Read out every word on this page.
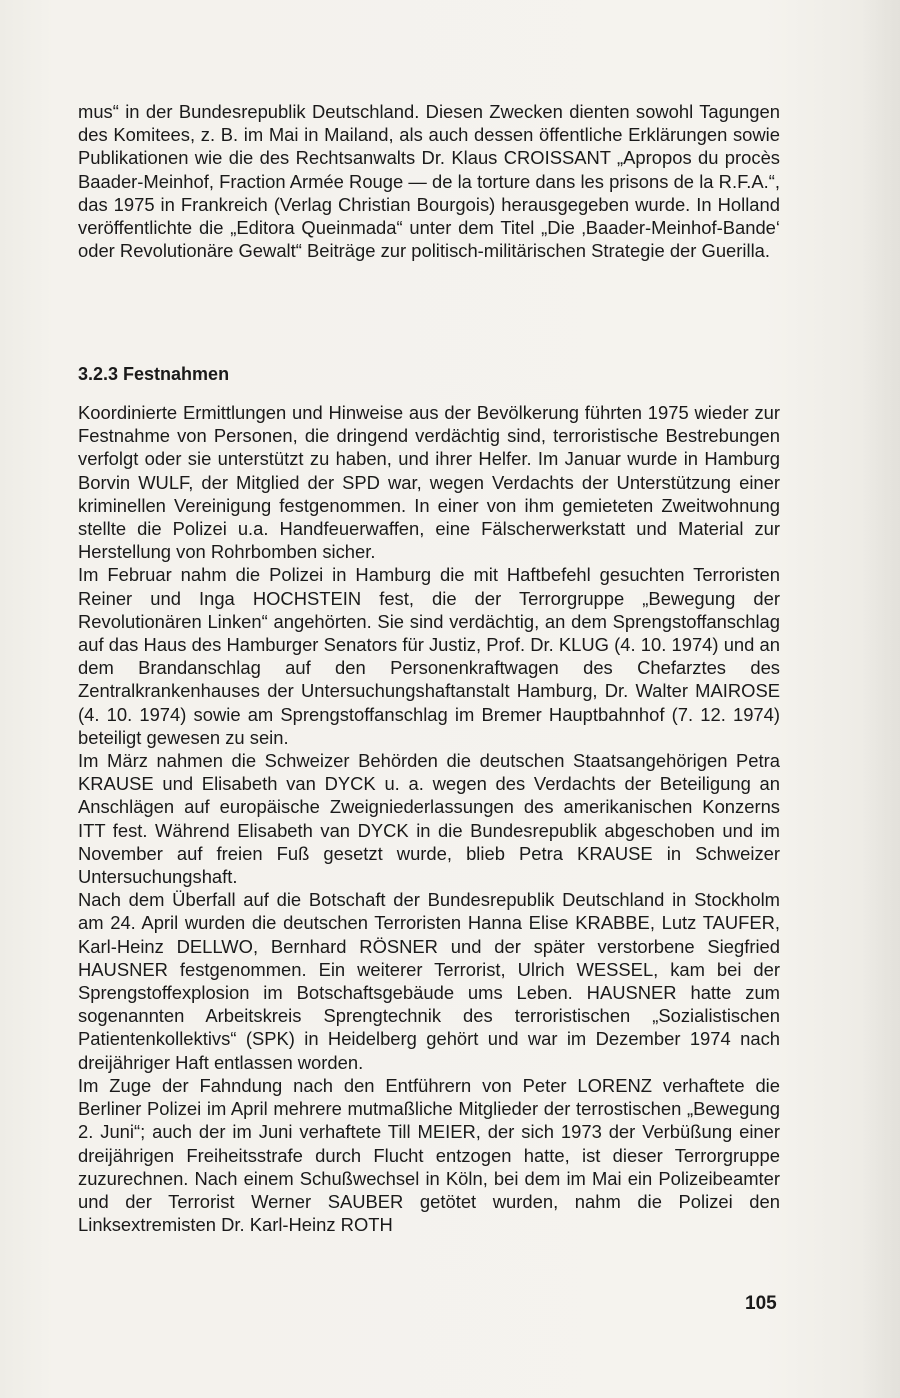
mus“ in der Bundesrepublik Deutschland. Diesen Zwecken dienten sowohl Tagungen des Komitees, z. B. im Mai in Mailand, als auch dessen öffentliche Erklärungen sowie Publikationen wie die des Rechtsanwalts Dr. Klaus CROISSANT „Apropos du procès Baader-Meinhof, Fraction Armée Rouge — de la torture dans les prisons de la R.F.A.“, das 1975 in Frankreich (Verlag Christian Bourgois) herausgegeben wurde. In Holland veröffentlichte die „Editora Queinmada“ unter dem Titel „Die ‚Baader-Meinhof-Bande‘ oder Revolutionäre Gewalt“ Beiträge zur politisch-militärischen Strategie der Guerilla.

3.2.3 Festnahmen

Koordinierte Ermittlungen und Hinweise aus der Bevölkerung führten 1975 wieder zur Festnahme von Personen, die dringend verdächtig sind, terroristische Bestrebungen verfolgt oder sie unterstützt zu haben, und ihrer Helfer. Im Januar wurde in Hamburg Borvin WULF, der Mitglied der SPD war, wegen Verdachts der Unterstützung einer kriminellen Vereinigung festgenommen. In einer von ihm gemieteten Zweitwohnung stellte die Polizei u.a. Handfeuerwaffen, eine Fälscherwerkstatt und Material zur Herstellung von Rohrbomben sicher.

Im Februar nahm die Polizei in Hamburg die mit Haftbefehl gesuchten Terroristen Reiner und Inga HOCHSTEIN fest, die der Terrorgruppe „Bewegung der Revolutionären Linken“ angehörten. Sie sind verdächtig, an dem Sprengstoffanschlag auf das Haus des Hamburger Senators für Justiz, Prof. Dr. KLUG (4. 10. 1974) und an dem Brandanschlag auf den Personenkraftwagen des Chefarztes des Zentralkrankenhauses der Untersuchungshaftanstalt Hamburg, Dr. Walter MAIROSE (4. 10. 1974) sowie am Sprengstoffanschlag im Bremer Hauptbahnhof (7. 12. 1974) beteiligt gewesen zu sein.

Im März nahmen die Schweizer Behörden die deutschen Staatsangehörigen Petra KRAUSE und Elisabeth van DYCK u. a. wegen des Verdachts der Beteiligung an Anschlägen auf europäische Zweigniederlassungen des amerikanischen Konzerns ITT fest. Während Elisabeth van DYCK in die Bundesrepublik abgeschoben und im November auf freien Fuß gesetzt wurde, blieb Petra KRAUSE in Schweizer Untersuchungshaft.

Nach dem Überfall auf die Botschaft der Bundesrepublik Deutschland in Stockholm am 24. April wurden die deutschen Terroristen Hanna Elise KRABBE, Lutz TAUFER, Karl-Heinz DELLWO, Bernhard RÖSNER und der später verstorbene Siegfried HAUSNER festgenommen. Ein weiterer Terrorist, Ulrich WESSEL, kam bei der Sprengstoffexplosion im Botschaftsgebäude ums Leben. HAUSNER hatte zum sogenannten Arbeitskreis Sprengtechnik des terroristischen „Sozialistischen Patientenkollektivs“ (SPK) in Heidelberg gehört und war im Dezember 1974 nach dreijähriger Haft entlassen worden.

Im Zuge der Fahndung nach den Entführern von Peter LORENZ verhaftete die Berliner Polizei im April mehrere mutmaßliche Mitglieder der terrostischen „Bewegung 2. Juni“; auch der im Juni verhaftete Till MEIER, der sich 1973 der Verbüßung einer dreijährigen Freiheitsstrafe durch Flucht entzogen hatte, ist dieser Terrorgruppe zuzurechnen. Nach einem Schußwechsel in Köln, bei dem im Mai ein Polizeibeamter und der Terrorist Werner SAUBER getötet wurden, nahm die Polizei den Linksextremisten Dr. Karl-Heinz ROTH

105
